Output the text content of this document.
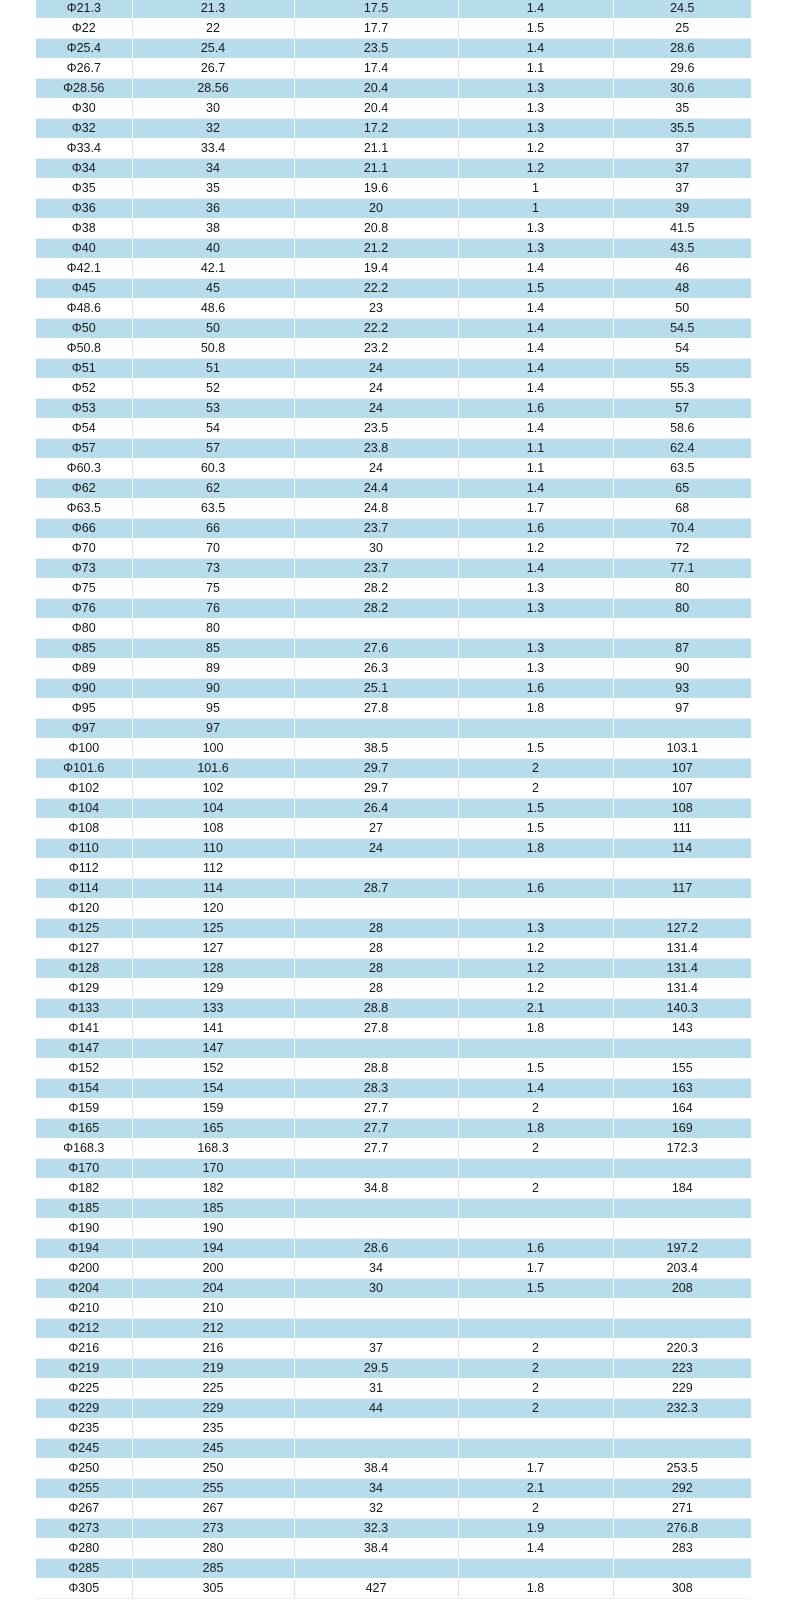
Φ21.3	21.3	17.5	1.4	24.5
Φ22	22	17.7	1.5	25
Φ25.4	25.4	23.5	1.4	28.6
Φ26.7	26.7	17.4	1.1	29.6
Φ28.56	28.56	20.4	1.3	30.6
Φ30	30	20.4	1.3	35
Φ32	32	17.2	1.3	35.5
Φ33.4	33.4	21.1	1.2	37
Φ34	34	21.1	1.2	37
Φ35	35	19.6	1	37
Φ36	36	20	1	39
Φ38	38	20.8	1.3	41.5
Φ40	40	21.2	1.3	43.5
Φ42.1	42.1	19.4	1.4	46
Φ45	45	22.2	1.5	48
Φ48.6	48.6	23	1.4	50
Φ50	50	22.2	1.4	54.5
Φ50.8	50.8	23.2	1.4	54
Φ51	51	24	1.4	55
Φ52	52	24	1.4	55.3
Φ53	53	24	1.6	57
Φ54	54	23.5	1.4	58.6
Φ57	57	23.8	1.1	62.4
Φ60.3	60.3	24	1.1	63.5
Φ62	62	24.4	1.4	65
Φ63.5	63.5	24.8	1.7	68
Φ66	66	23.7	1.6	70.4
Φ70	70	30	1.2	72
Φ73	73	23.7	1.4	77.1
Φ75	75	28.2	1.3	80
Φ76	76	28.2	1.3	80
Φ80	80			
Φ85	85	27.6	1.3	87
Φ89	89	26.3	1.3	90
Φ90	90	25.1	1.6	93
Φ95	95	27.8	1.8	97
Φ97	97			
Φ100	100	38.5	1.5	103.1
Φ101.6	101.6	29.7	2	107
Φ102	102	29.7	2	107
Φ104	104	26.4	1.5	108
Φ108	108	27	1.5	111
Φ110	110	24	1.8	114
Φ112	112			
Φ114	114	28.7	1.6	117
Φ120	120			
Φ125	125	28	1.3	127.2
Φ127	127	28	1.2	131.4
Φ128	128	28	1.2	131.4
Φ129	129	28	1.2	131.4
Φ133	133	28.8	2.1	140.3
Φ141	141	27.8	1.8	143
Φ147	147			
Φ152	152	28.8	1.5	155
Φ154	154	28.3	1.4	163
Φ159	159	27.7	2	164
Φ165	165	27.7	1.8	169
Φ168.3	168.3	27.7	2	172.3
Φ170	170			
Φ182	182	34.8	2	184
Φ185	185			
Φ190	190			
Φ194	194	28.6	1.6	197.2
Φ200	200	34	1.7	203.4
Φ204	204	30	1.5	208
Φ210	210			
Φ212	212			
Φ216	216	37	2	220.3
Φ219	219	29.5	2	223
Φ225	225	31	2	229
Φ229	229	44	2	232.3
Φ235	235			
Φ245	245			
Φ250	250	38.4	1.7	253.5
Φ255	255	34	2.1	292
Φ267	267	32	2	271
Φ273	273	32.3	1.9	276.8
Φ280	280	38.4	1.4	283
Φ285	285			
Φ305	305	427	1.8	308
